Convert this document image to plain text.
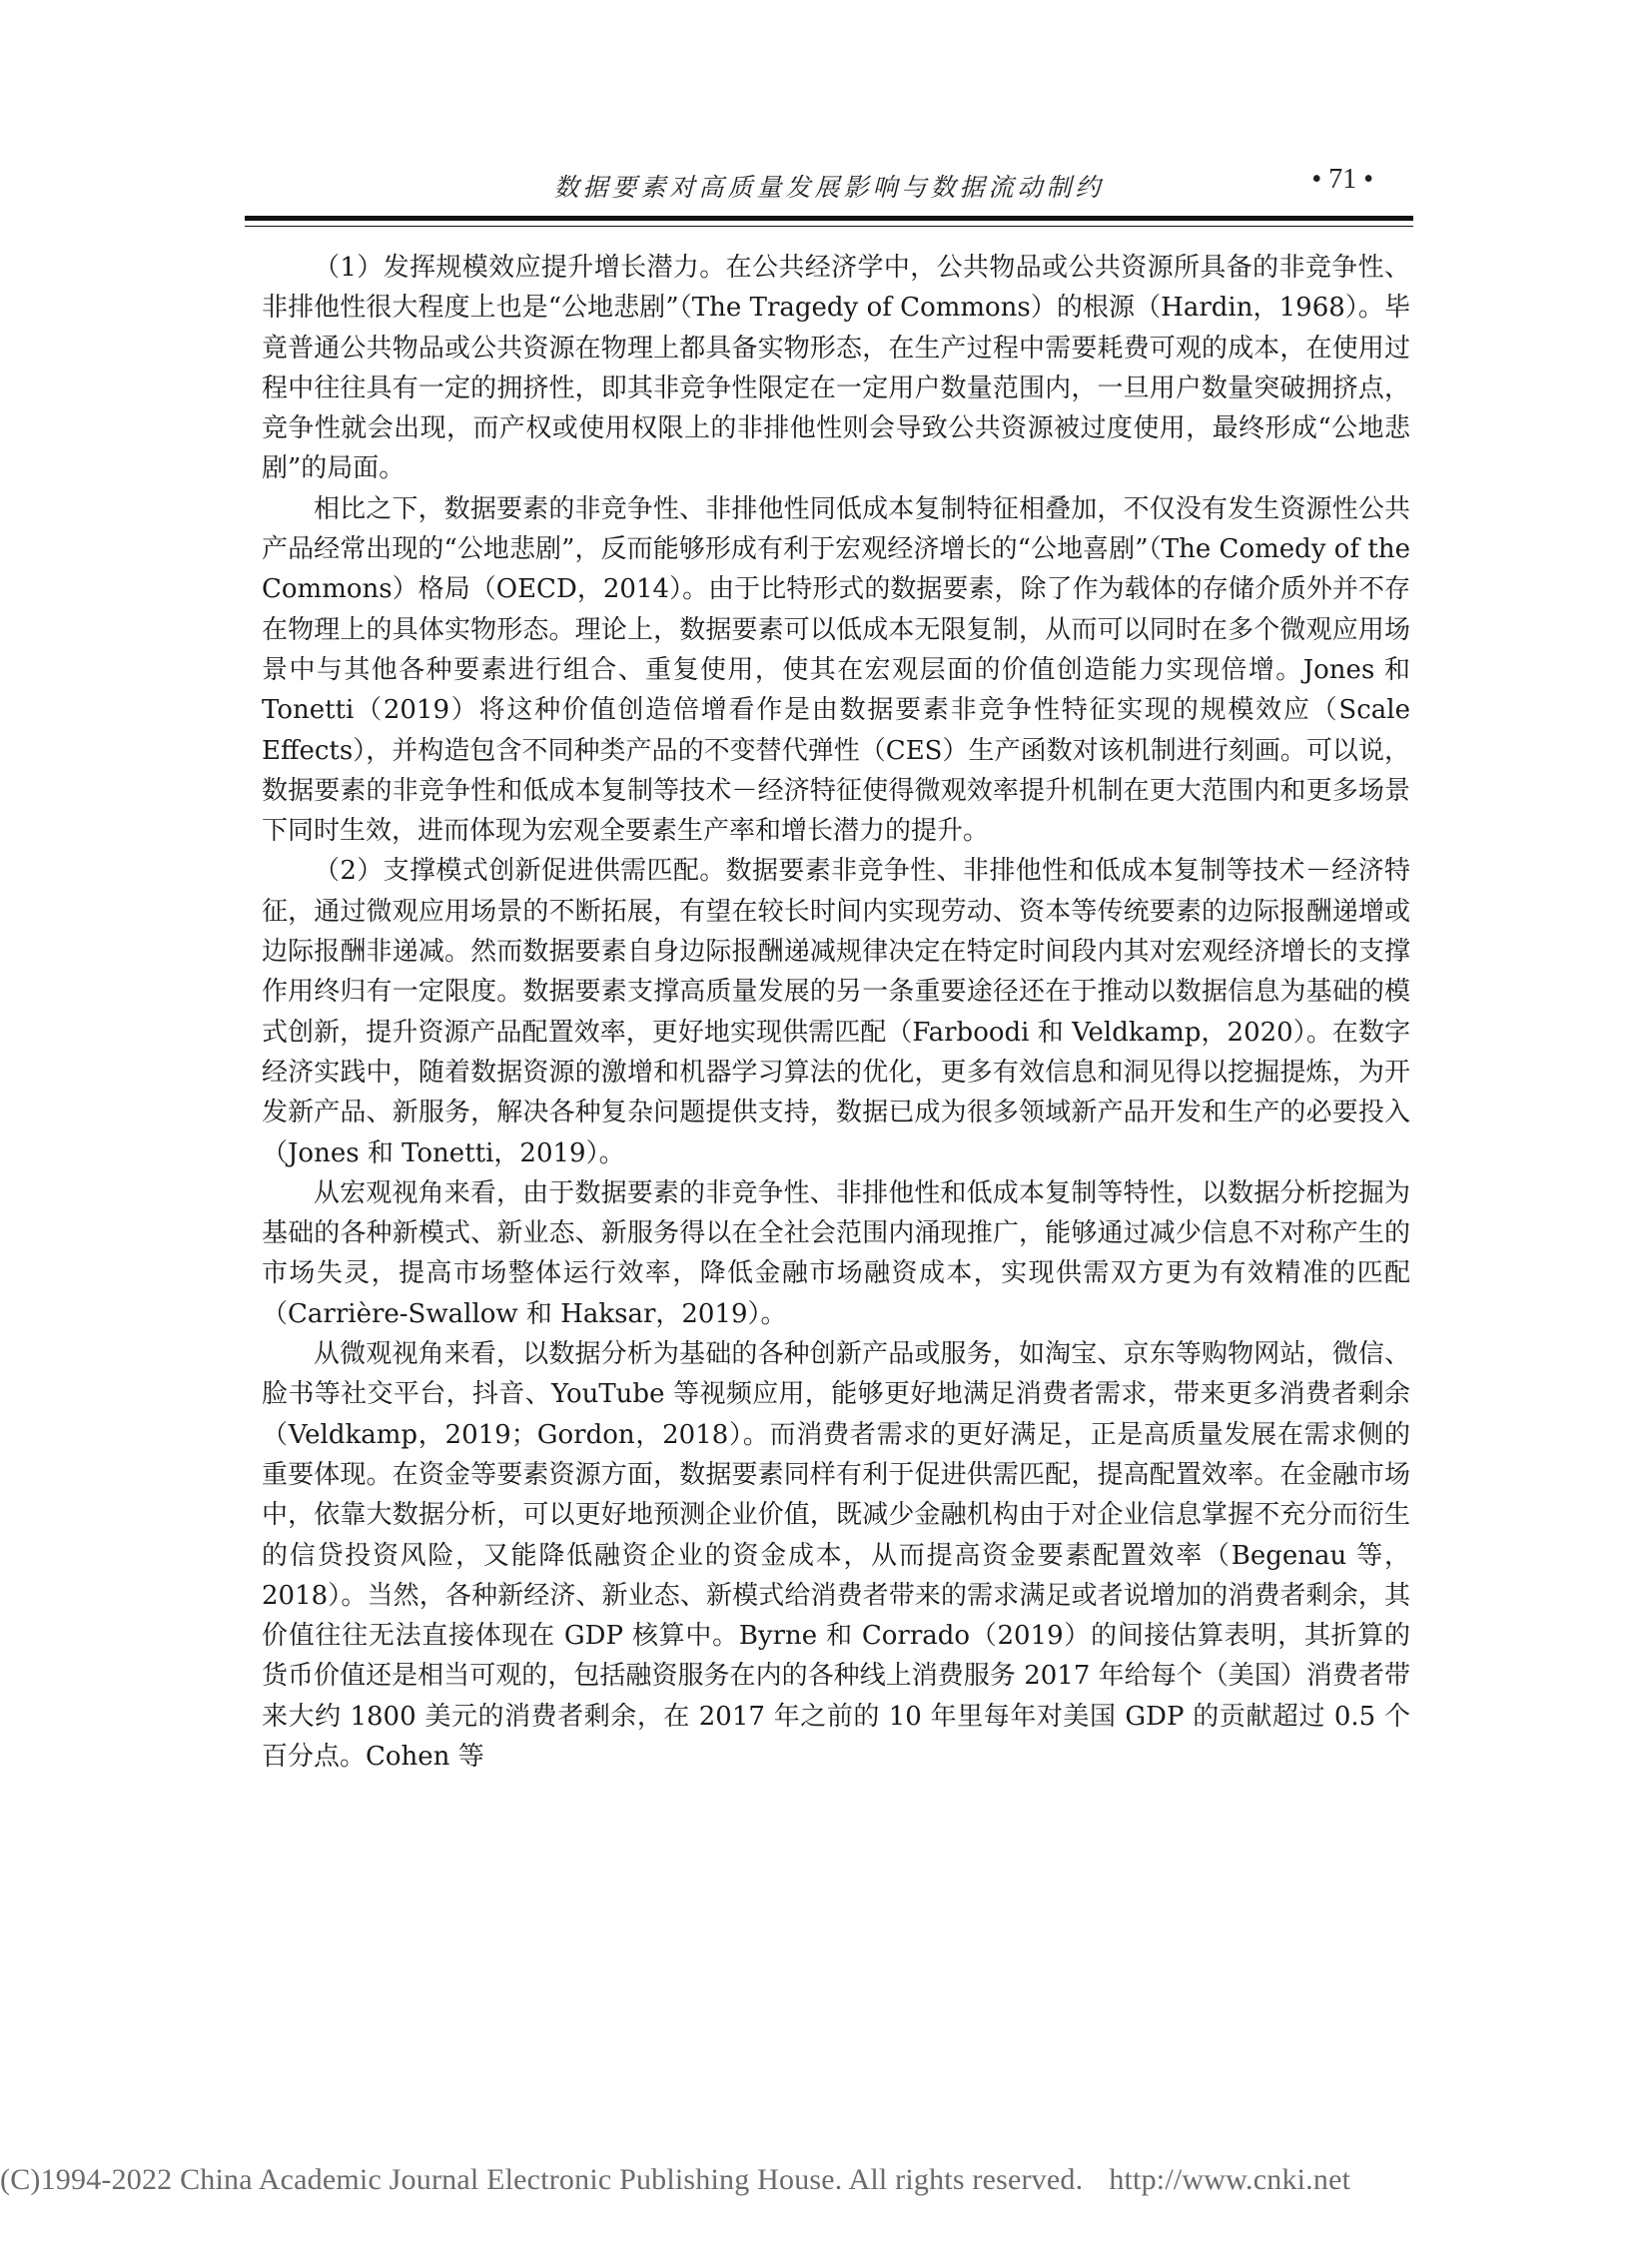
数据要素对高质量发展影响与数据流动制约	• 71 •

（1）发挥规模效应提升增长潜力。在公共经济学中，公共物品或公共资源所具备的非竞争性、非排他性很大程度上也是“公地悲剧”（The Tragedy of Commons）的根源（Hardin，1968）。毕竟普通公共物品或公共资源在物理上都具备实物形态，在生产过程中需要耗费可观的成本，在使用过程中往往具有一定的拥挤性，即其非竞争性限定在一定用户数量范围内，一旦用户数量突破拥挤点，竞争性就会出现，而产权或使用权限上的非排他性则会导致公共资源被过度使用，最终形成“公地悲剧”的局面。

相比之下，数据要素的非竞争性、非排他性同低成本复制特征相叠加，不仅没有发生资源性公共产品经常出现的“公地悲剧”，反而能够形成有利于宏观经济增长的“公地喜剧”（The Comedy of the Commons）格局（OECD，2014）。由于比特形式的数据要素，除了作为载体的存储介质外并不存在物理上的具体实物形态。理论上，数据要素可以低成本无限复制，从而可以同时在多个微观应用场景中与其他各种要素进行组合、重复使用，使其在宏观层面的价值创造能力实现倍增。Jones 和 Tonetti（2019）将这种价值创造倍增看作是由数据要素非竞争性特征实现的规模效应（Scale Effects），并构造包含不同种类产品的不变替代弹性（CES）生产函数对该机制进行刻画。可以说，数据要素的非竞争性和低成本复制等技术－经济特征使得微观效率提升机制在更大范围内和更多场景下同时生效，进而体现为宏观全要素生产率和增长潜力的提升。

（2）支撑模式创新促进供需匹配。数据要素非竞争性、非排他性和低成本复制等技术－经济特征，通过微观应用场景的不断拓展，有望在较长时间内实现劳动、资本等传统要素的边际报酬递增或边际报酬非递减。然而数据要素自身边际报酬递减规律决定在特定时间段内其对宏观经济增长的支撑作用终归有一定限度。数据要素支撑高质量发展的另一条重要途径还在于推动以数据信息为基础的模式创新，提升资源产品配置效率，更好地实现供需匹配（Farboodi 和 Veldkamp，2020）。在数字经济实践中，随着数据资源的激增和机器学习算法的优化，更多有效信息和洞见得以挖掘提炼，为开发新产品、新服务，解决各种复杂问题提供支持，数据已成为很多领域新产品开发和生产的必要投入（Jones 和 Tonetti，2019）。

从宏观视角来看，由于数据要素的非竞争性、非排他性和低成本复制等特性，以数据分析挖掘为基础的各种新模式、新业态、新服务得以在全社会范围内涌现推广，能够通过减少信息不对称产生的市场失灵，提高市场整体运行效率，降低金融市场融资成本，实现供需双方更为有效精准的匹配（Carrière-Swallow 和 Haksar，2019）。

从微观视角来看，以数据分析为基础的各种创新产品或服务，如淘宝、京东等购物网站，微信、脸书等社交平台，抖音、YouTube 等视频应用，能够更好地满足消费者需求，带来更多消费者剩余（Veldkamp，2019；Gordon，2018）。而消费者需求的更好满足，正是高质量发展在需求侧的重要体现。在资金等要素资源方面，数据要素同样有利于促进供需匹配，提高配置效率。在金融市场中，依靠大数据分析，可以更好地预测企业价值，既减少金融机构由于对企业信息掌握不充分而衍生的信贷投资风险，又能降低融资企业的资金成本，从而提高资金要素配置效率（Begenau 等，2018）。当然，各种新经济、新业态、新模式给消费者带来的需求满足或者说增加的消费者剩余，其价值往往无法直接体现在 GDP 核算中。Byrne 和 Corrado（2019）的间接估算表明，其折算的货币价值还是相当可观的，包括融资服务在内的各种线上消费服务 2017 年给每个（美国）消费者带来大约 1800 美元的消费者剩余，在 2017 年之前的 10 年里每年对美国 GDP 的贡献超过 0.5 个百分点。Cohen 等

(C)1994-2022 China Academic Journal Electronic Publishing House. All rights reserved. http://www.cnki.net
